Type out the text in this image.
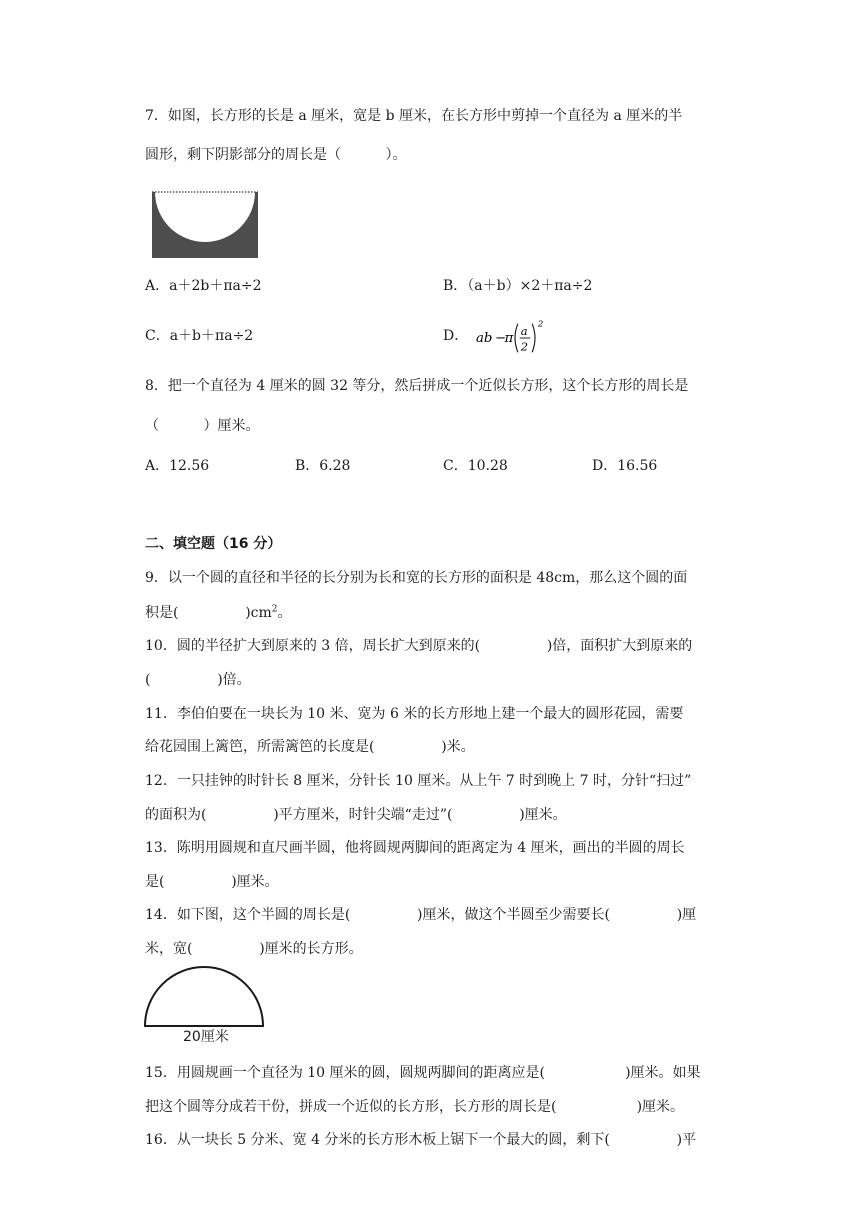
7．如图，长方形的长是 a 厘米，宽是 b 厘米，在长方形中剪掉一个直径为 a 厘米的半
圆形，剩下阴影部分的周长是（          ）。
A．a＋2b＋πa÷2	B．（a＋b）×2＋πa÷2
C．a＋b＋πa÷2	D． ab −
π a
2
2
8．把一个直径为 4 厘米的圆 32 等分，然后拼成一个近似长方形，这个长方形的周长是
（          ）厘米。
A．12.56	B．6.28	C．10.28	D．16.56
二、填空题（16 分）
9．以一个圆的直径和半径的长分别为长和宽的长方形的面积是 48cm，那么这个圆的面
积是(               )$cm^2$。
10．圆的半径扩大到原来的 3 倍，周长扩大到原来的(               )倍，面积扩大到原来的
(               )倍。
11．李伯伯要在一块长为 10 米、宽为 6 米的长方形地上建一个最大的圆形花园，需要
给花园围上篱笆，所需篱笆的长度是(               )米。
12．一只挂钟的时针长 8 厘米，分针长 10 厘米。从上午 7 时到晚上 7 时，分针“扫过”
的面积为(               )平方厘米，时针尖端“走过”(               )厘米。
13．陈明用圆规和直尺画半圆，他将圆规两脚间的距离定为 4 厘米，画出的半圆的周长
是(               )厘米。
14．如下图，这个半圆的周长是(               )厘米，做这个半圆至少需要长(               )厘
米，宽(               )厘米的长方形。
20厘米
15．用圆规画一个直径为 10 厘米的圆，圆规两脚间的距离应是(                  )厘米。如果
把这个圆等分成若干份，拼成一个近似的长方形，长方形的周长是(                  )厘米。
16．从一块长 5 分米、宽 4 分米的长方形木板上锯下一个最大的圆，剩下(               )平
